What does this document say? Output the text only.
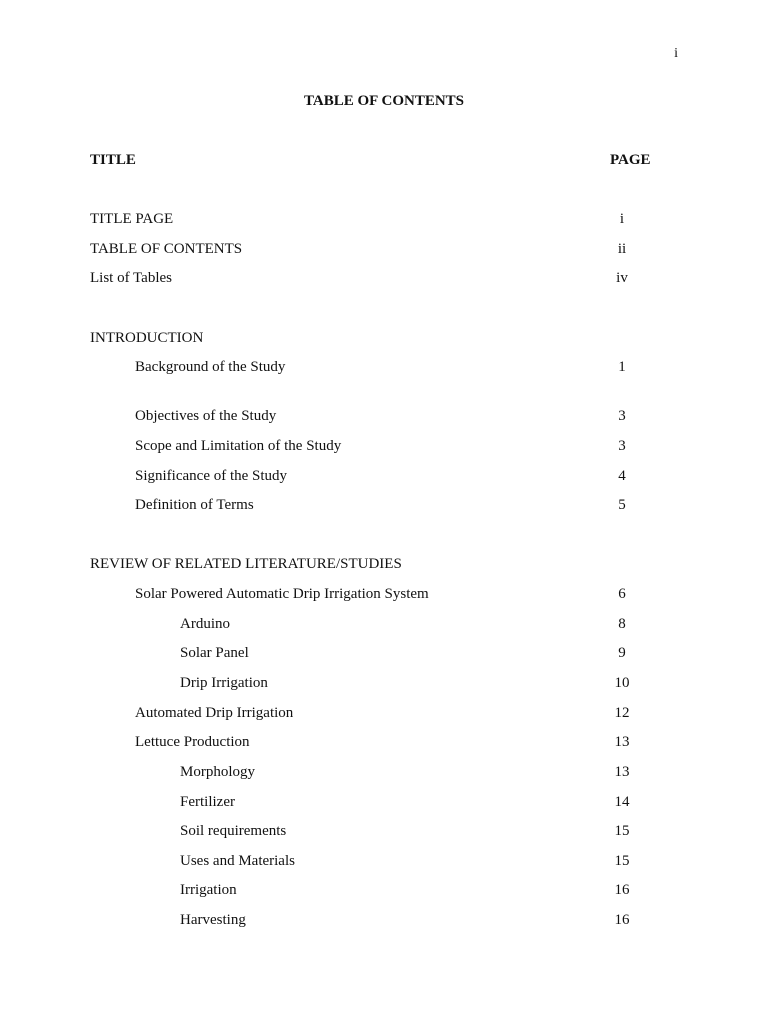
i
TABLE OF CONTENTS
TITLE	PAGE
TITLE PAGE	i
TABLE OF CONTENTS	ii
List of Tables	iv
INTRODUCTION
Background of the Study	1
Objectives of the Study	3
Scope and Limitation of the Study	3
Significance of the Study	4
Definition of Terms	5
REVIEW OF RELATED LITERATURE/STUDIES
Solar Powered Automatic Drip Irrigation System	6
Arduino	8
Solar Panel	9
Drip Irrigation	10
Automated Drip Irrigation	12
Lettuce Production	13
Morphology	13
Fertilizer	14
Soil requirements	15
Uses and Materials	15
Irrigation	16
Harvesting	16
